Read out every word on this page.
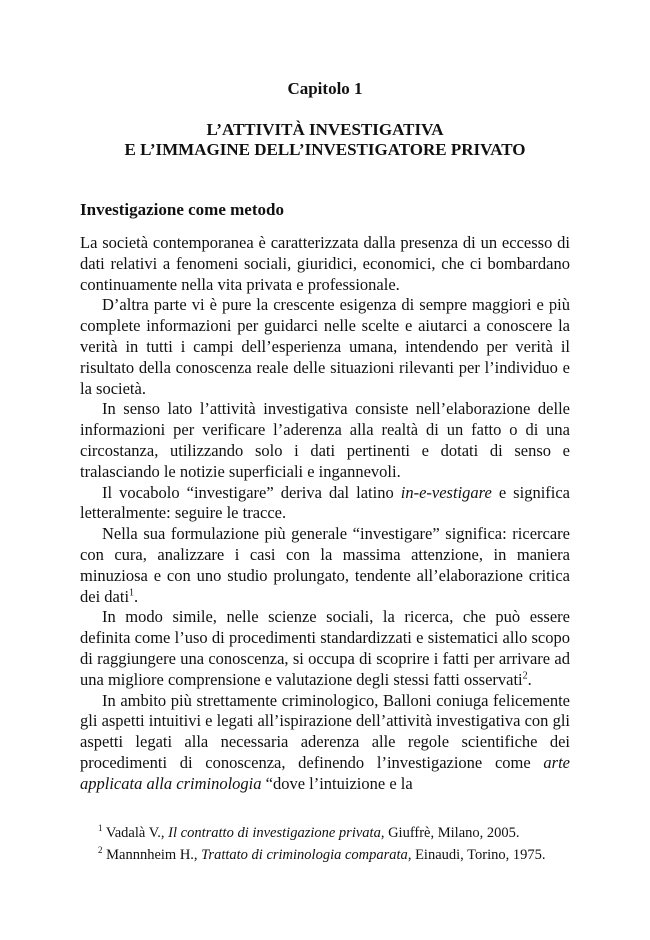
Capitolo 1
L’ATTIVITÀ INVESTIGATIVA
E L’IMMAGINE DELL’INVESTIGATORE PRIVATO
Investigazione come metodo

La società contemporanea è caratterizzata dalla presenza di un eccesso di dati relativi a fenomeni sociali, giuridici, economici, che ci bombardano continuamente nella vita privata e professionale.

D’altra parte vi è pure la crescente esigenza di sempre maggiori e più complete informazioni per guidarci nelle scelte e aiutarci a conoscere la verità in tutti i campi dell’esperienza umana, intendendo per verità il risultato della conoscenza reale delle situazioni rilevanti per l’individuo e la società.

In senso lato l’attività investigativa consiste nell’elaborazione delle informazioni per verificare l’aderenza alla realtà di un fatto o di una circostanza, utilizzando solo i dati pertinenti e dotati di senso e tralasciando le notizie superficiali e ingannevoli.

Il vocabolo “investigare” deriva dal latino in-e-vestigare e significa letteralmente: seguire le tracce.

Nella sua formulazione più generale “investigare” significa: ricercare con cura, analizzare i casi con la massima attenzione, in maniera minuziosa e con uno studio prolungato, tendente all’elaborazione critica dei dati$^1$.

In modo simile, nelle scienze sociali, la ricerca, che può essere definita come l’uso di procedimenti standardizzati e sistematici allo scopo di raggiungere una conoscenza, si occupa di scoprire i fatti per arrivare ad una migliore comprensione e valutazione degli stessi fatti osservati$^2$.

In ambito più strettamente criminologico, Balloni coniuga felicemente gli aspetti intuitivi e legati all’ispirazione dell’attività investigativa con gli aspetti legati alla necessaria aderenza alle regole scientifiche dei procedimenti di conoscenza, definendo l’investigazione come arte applicata alla criminologia “dove l’intuizione e la

$^1$ Vadalà V., Il contratto di investigazione privata, Giuffrè, Milano, 2005.

$^2$ Mannnheim H., Trattato di criminologia comparata, Einaudi, Torino, 1975.
